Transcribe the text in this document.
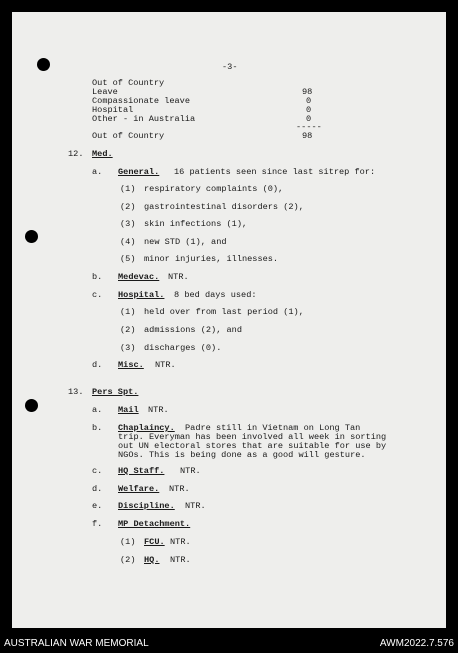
-3-
Out of Country
Leave	98
Compassionate leave	0
Hospital	0
Other - in Australia	0
-----
Out of Country	98
12. Med.
a. General. 16 patients seen since last sitrep for:
(1) respiratory complaints (0),
(2) gastrointestinal disorders (2),
(3) skin infections (1),
(4) new STD (1), and
(5) minor injuries, illnesses.
b. Medevac. NTR.
c. Hospital. 8 bed days used:
(1) held over from last period (1),
(2) admissions (2), and
(3) discharges (0).
d. Misc. NTR.
13. Pers Spt.
a. Mail NTR.
b. Chaplaincy. Padre still in Vietnam on Long Tan
trip. Everyman has been involved all week in sorting
out UN electoral stores that are suitable for use by
NGOs. This is being done as a good will gesture.
c. HQ Staff. NTR.
d. Welfare. NTR.
e. Discipline. NTR.
f. MP Detachment.
(1) FCU. NTR.
(2) HQ. NTR.
AUSTRALIAN WAR MEMORIAL	AWM2022.7.576
